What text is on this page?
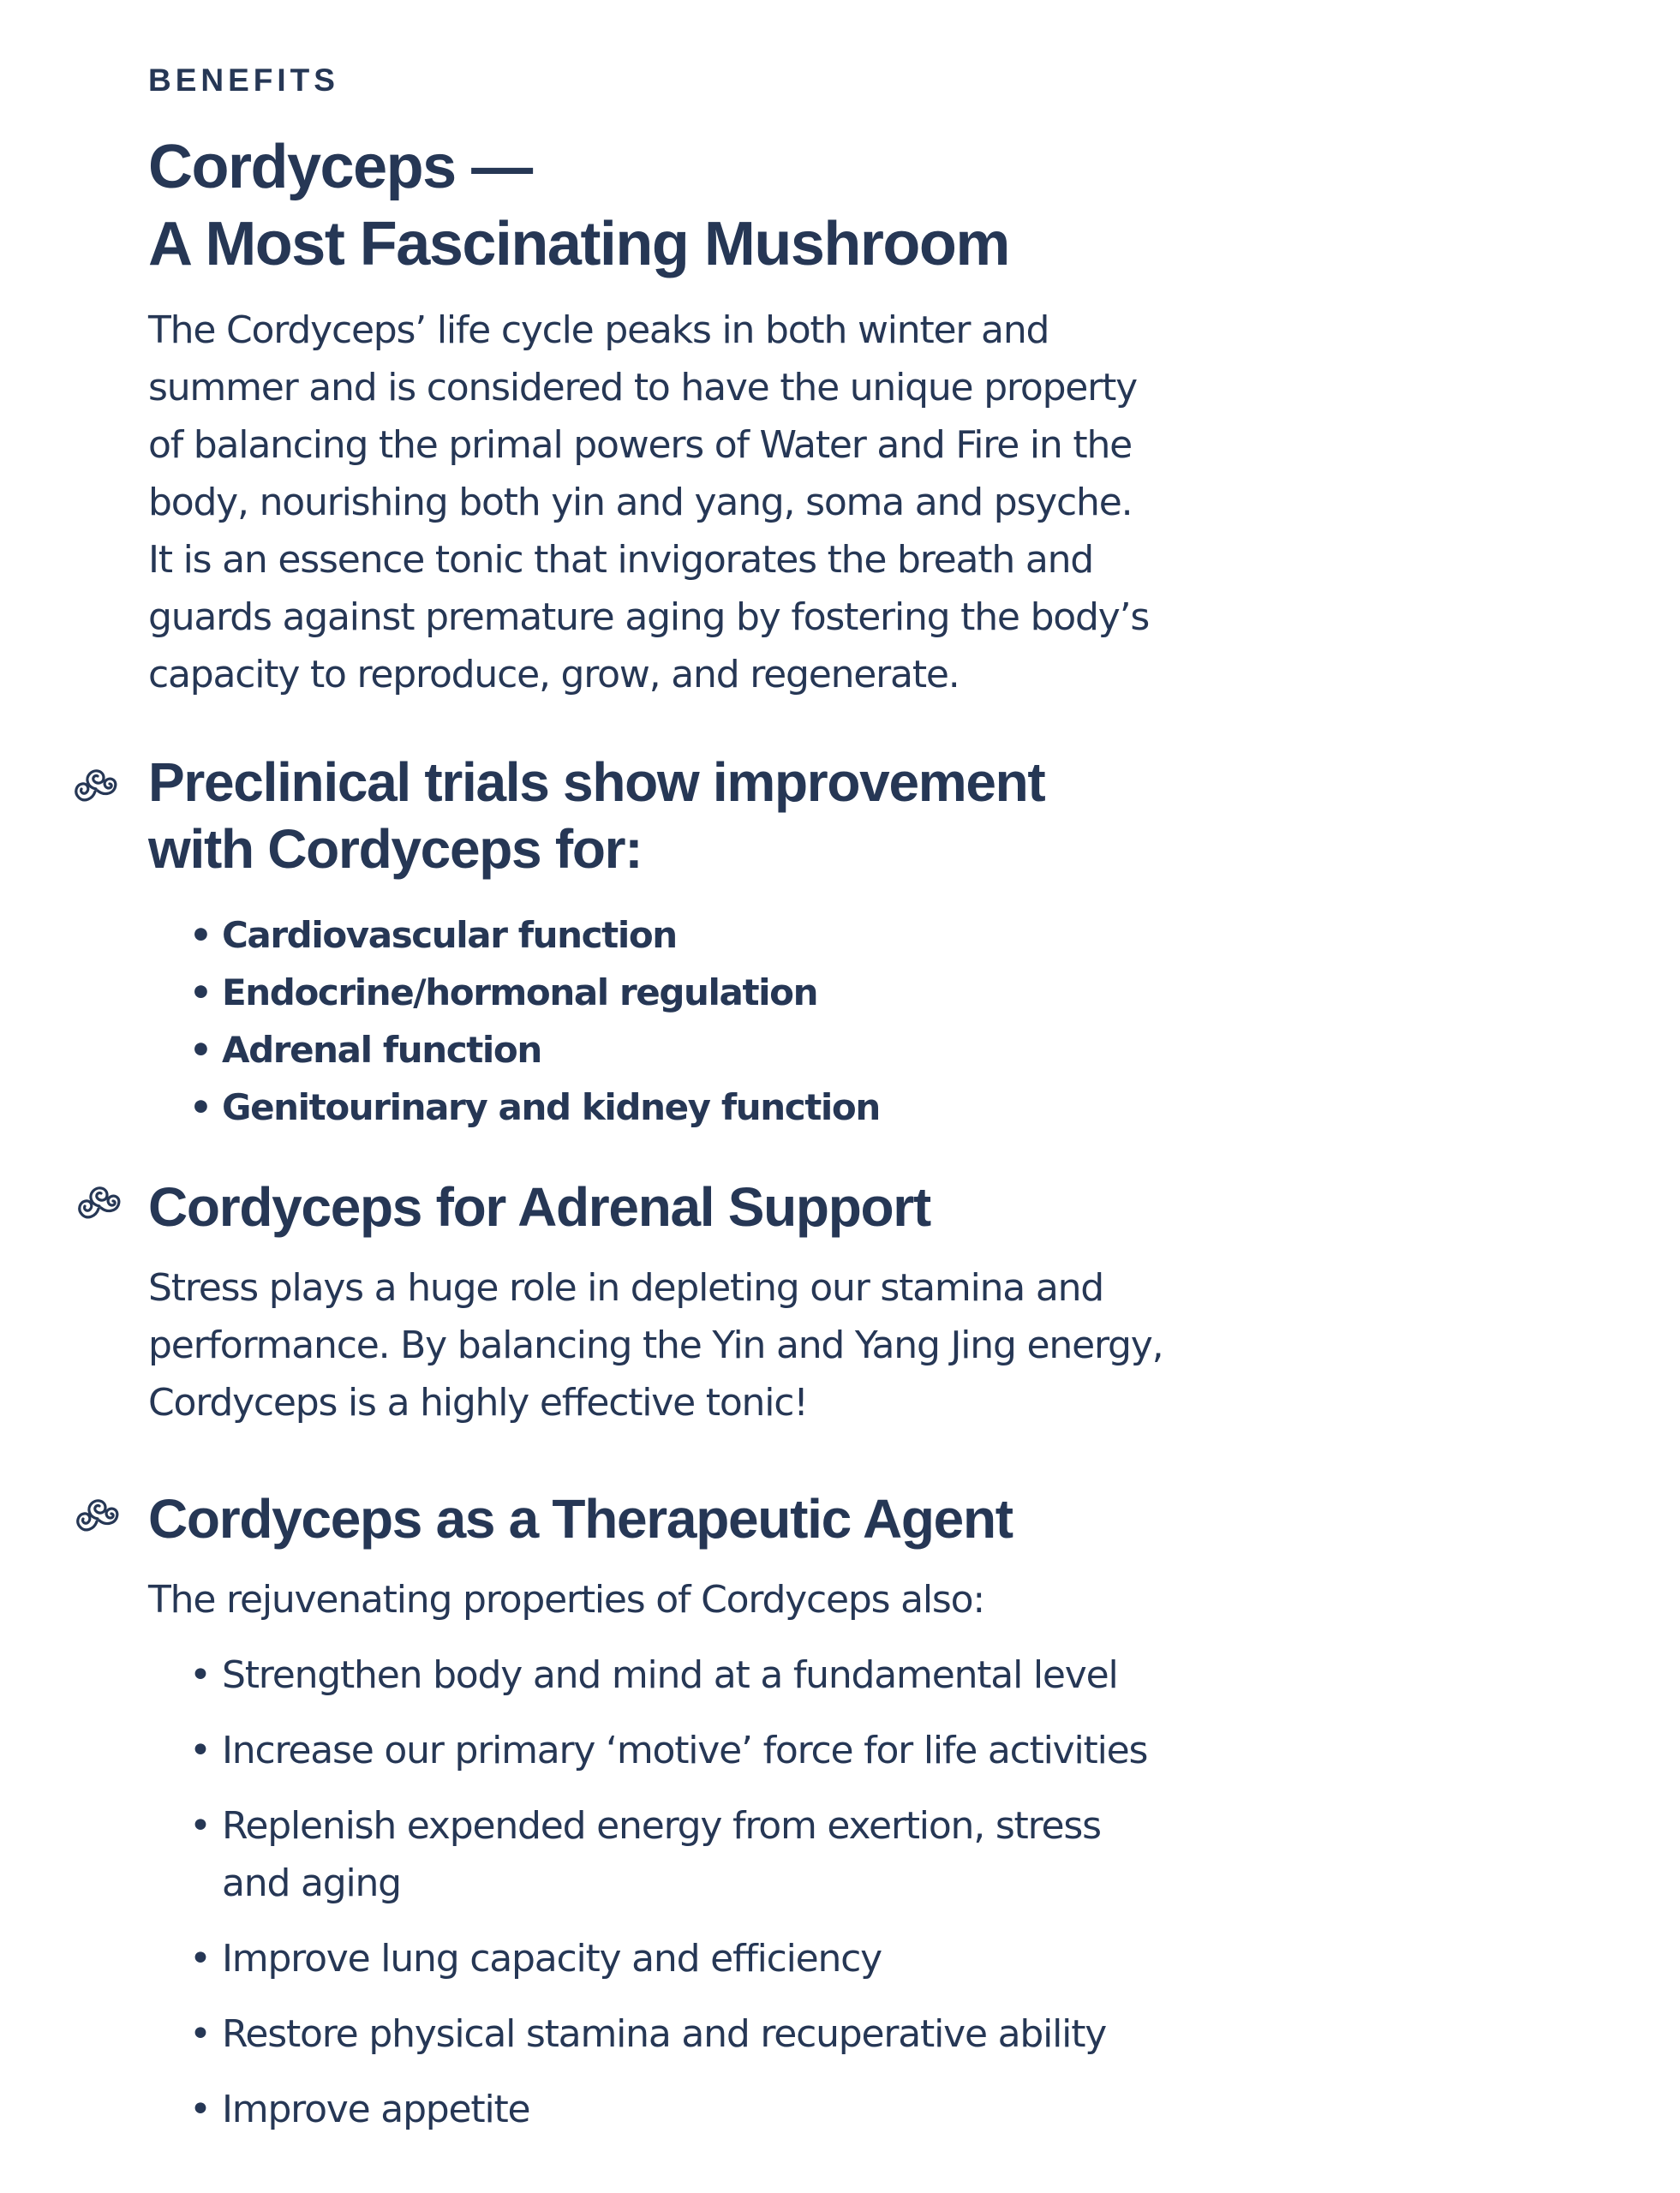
BENEFITS
Cordyceps —
A Most Fascinating Mushroom

The Cordyceps’ life cycle peaks in both winter and
summer and is considered to have the unique property
of balancing the primal powers of Water and Fire in the
body, nourishing both yin and yang, soma and psyche.
It is an essence tonic that invigorates the breath and
guards against premature aging by fostering the body’s
capacity to reproduce, grow, and regenerate.

Preclinical trials show improvement
with Cordyceps for:
• Cardiovascular function
• Endocrine/hormonal regulation
• Adrenal function
• Genitourinary and kidney function
Cordyceps for Adrenal Support

Stress plays a huge role in depleting our stamina and
performance. By balancing the Yin and Yang Jing energy,
Cordyceps is a highly effective tonic!

Cordyceps as a Therapeutic Agent

The rejuvenating properties of Cordyceps also:

• Strengthen body and mind at a fundamental level
• Increase our primary ‘motive’ force for life activities
• Replenish expended energy from exertion, stress
and aging
• Improve lung capacity and efficiency
• Restore physical stamina and recuperative ability
• Improve appetite
